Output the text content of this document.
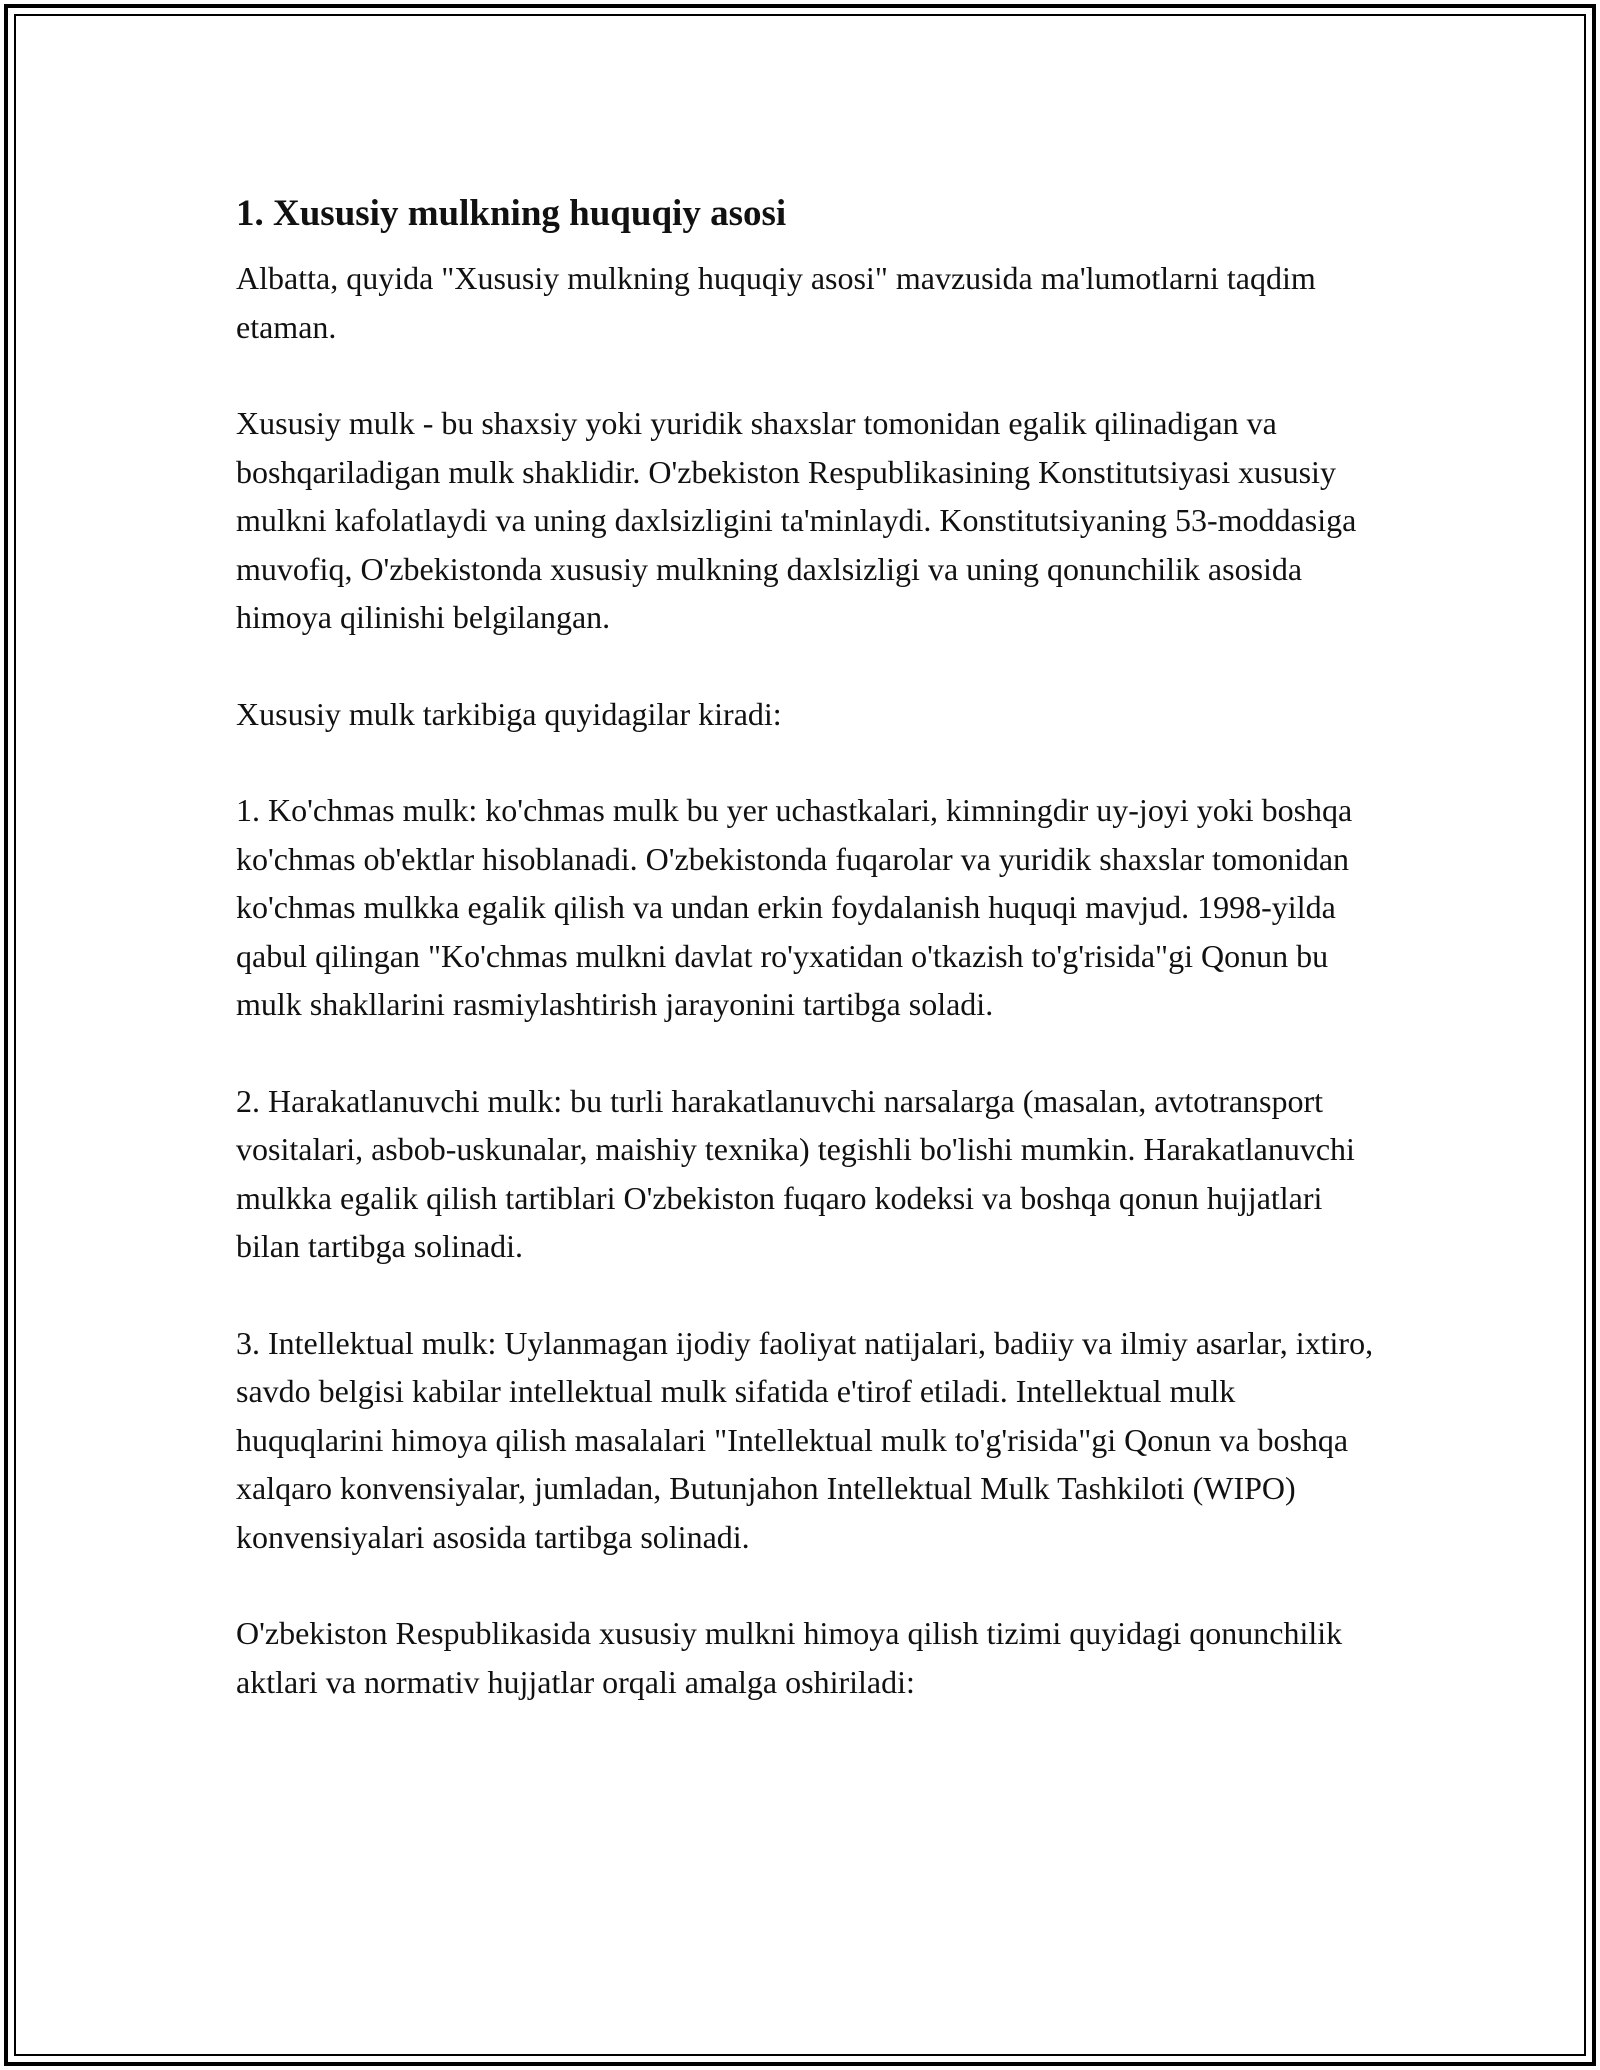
1. Xususiy mulkning huquqiy asosi

Albatta, quyida "Xususiy mulkning huquqiy asosi" mavzusida ma'lumotlarni taqdim etaman.

Xususiy mulk - bu shaxsiy yoki yuridik shaxslar tomonidan egalik qilinadigan va boshqariladigan mulk shaklidir. O'zbekiston Respublikasining Konstitutsiyasi xususiy mulkni kafolatlaydi va uning daxlsizligini ta'minlaydi. Konstitutsiyaning 53-moddasiga muvofiq, O'zbekistonda xususiy mulkning daxlsizligi va uning qonunchilik asosida himoya qilinishi belgilangan.

Xususiy mulk tarkibiga quyidagilar kiradi:

1. Ko'chmas mulk: ko'chmas mulk bu yer uchastkalari, kimningdir uy-joyi yoki boshqa ko'chmas ob'ektlar hisoblanadi. O'zbekistonda fuqarolar va yuridik shaxslar tomonidan ko'chmas mulkka egalik qilish va undan erkin foydalanish huquqi mavjud. 1998-yilda qabul qilingan "Ko'chmas mulkni davlat ro'yxatidan o'tkazish to'g'risida"gi Qonun bu mulk shakllarini rasmiylashtirish jarayonini tartibga soladi.

2. Harakatlanuvchi mulk: bu turli harakatlanuvchi narsalarga (masalan, avtotransport vositalari, asbob-uskunalar, maishiy texnika) tegishli bo'lishi mumkin. Harakatlanuvchi mulkka egalik qilish tartiblari O'zbekiston fuqaro kodeksi va boshqa qonun hujjatlari bilan tartibga solinadi.

3. Intellektual mulk: Uylanmagan ijodiy faoliyat natijalari, badiiy va ilmiy asarlar, ixtiro, savdo belgisi kabilar intellektual mulk sifatida e'tirof etiladi. Intellektual mulk huquqlarini himoya qilish masalalari "Intellektual mulk to'g'risida"gi Qonun va boshqa xalqaro konvensiyalar, jumladan, Butunjahon Intellektual Mulk Tashkiloti (WIPO) konvensiyalari asosida tartibga solinadi.

O'zbekiston Respublikasida xususiy mulkni himoya qilish tizimi quyidagi qonunchilik aktlari va normativ hujjatlar orqali amalga oshiriladi:
